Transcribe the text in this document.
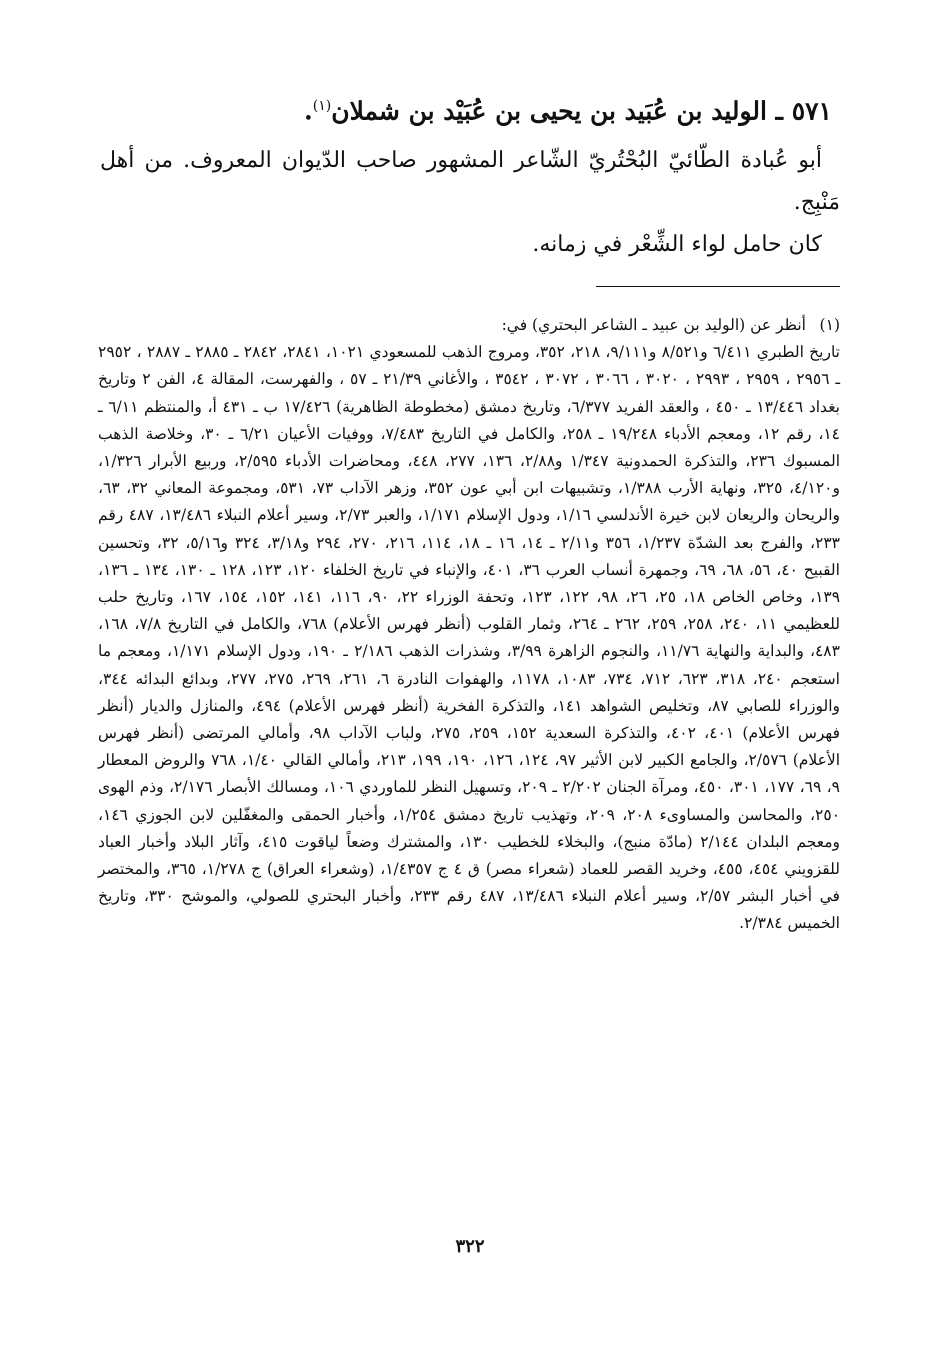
٥٧١ ـ الوليد بن عُبَيد بن يحيى بن عُبَيْد بن شملان$^{(١)}$.

أبو عُبادة الطّائيّ البُحْتُريّ الشّاعر المشهور صاحب الدّيوان المعروف. من أهل مَنْبِج.

كان حامل لواء الشِّعْر في زمانه.

(١)أنظر عن (الوليد بن عبيد ـ الشاعر البحتري) في:

تاريخ الطبري ٦/٤١١ و٨/٥٢١ و٩/١١١، ٢١٨، ٣٥٢، ومروج الذهب للمسعودي ١٠٢١، ٢٨٤١، ٢٨٤٢ ـ ٢٨٨٥ ـ ٢٨٨٧ ، ٢٩٥٢ ـ ٢٩٥٦ ، ٢٩٥٩ ، ٢٩٩٣ ، ٣٠٢٠ ، ٣٠٦٦ ، ٣٠٧٢ ، ٣٥٤٢ ، والأغاني ٢١/٣٩ ـ ٥٧ ، والفهرست، المقالة ٤، الفن ٢ وتاريخ بغداد ١٣/٤٤٦ ـ ٤٥٠ ، والعقد الفريد ٦/٣٧٧، وتاريخ دمشق (مخطوطة الظاهرية) ١٧/٤٢٦ ب ـ ٤٣١ أ، والمنتظم ٦/١١ ـ ١٤، رقم ١٢، ومعجم الأدباء ١٩/٢٤٨ ـ ٢٥٨، والكامل في التاريخ ٧/٤٨٣، ووفيات الأعيان ٦/٢١ ـ ٣٠، وخلاصة الذهب المسبوك ٢٣٦، والتذكرة الحمدونية ١/٣٤٧ و٢/٨٨، ١٣٦، ٢٧٧، ٤٤٨، ومحاضرات الأدباء ٢/٥٩٥، وربيع الأبرار ١/٣٢٦، و٤/١٢٠، ٣٢٥، ونهاية الأرب ١/٣٨٨، وتشبيهات ابن أبي عون ٣٥٢، وزهر الآداب ٧٣، ٥٣١، ومجموعة المعاني ٣٢، ٦٣، والريحان والريعان لابن خيرة الأندلسي ١/١٦، ودول الإسلام ١/١٧١، والعبر ٢/٧٣، وسير أعلام النبلاء ١٣/٤٨٦، ٤٨٧ رقم ٢٣٣، والفرج بعد الشدّة ١/٢٣٧، ٣٥٦ و٢/١١ ـ ١٤، ١٦ ـ ١٨، ١١٤، ٢١٦، ٢٧٠، ٢٩٤ و٣/١٨، ٣٢٤ و٥/١٦، ٣٢، وتحسين القبيح ٤٠، ٥٦، ٦٨، ٦٩، وجمهرة أنساب العرب ٣٦، ٤٠١، والإنباء في تاريخ الخلفاء ١٢٠، ١٢٣، ١٢٨ ـ ١٣٠، ١٣٤ ـ ١٣٦، ١٣٩، وخاص الخاص ١٨، ٢٥، ٢٦، ٩٨، ١٢٢، ١٢٣، وتحفة الوزراء ٢٢، ٩٠، ١١٦، ١٤١، ١٥٢، ١٥٤، ١٦٧، وتاريخ حلب للعظيمي ١١، ٢٤٠، ٢٥٨، ٢٥٩، ٢٦٢ ـ ٢٦٤، وثمار القلوب (أنظر فهرس الأعلام) ٧٦٨، والكامل في التاريخ ٧/٨، ١٦٨، ٤٨٣، والبداية والنهاية ١١/٧٦، والنجوم الزاهرة ٣/٩٩، وشذرات الذهب ٢/١٨٦ ـ ١٩٠، ودول الإسلام ١/١٧١، ومعجم ما استعجم ٢٤٠، ٣١٨، ٦٢٣، ٧١٢، ٧٣٤، ١٠٨٣، ١١٧٨، والهفوات النادرة ٦، ٢٦١، ٢٦٩، ٢٧٥، ٢٧٧، وبدائع البدائه ٣٤٤، والوزراء للصابي ٨٧، وتخليص الشواهد ١٤١، والتذكرة الفخرية (أنظر فهرس الأعلام) ٤٩٤، والمنازل والديار (أنظر فهرس الأعلام) ٤٠١، ٤٠٢، والتذكرة السعدية ١٥٢، ٢٥٩، ٢٧٥، ولباب الآداب ٩٨، وأمالي المرتضى (أنظر فهرس الأعلام) ٢/٥٧٦، والجامع الكبير لابن الأثير ٩٧، ١٢٤، ١٢٦، ١٩٠، ١٩٩، ٢١٣، وأمالي القالي ١/٤٠، ٧٦٨ والروض المعطار ٩، ٦٩، ١٧٧، ٣٠١، ٤٥٠، ومرآة الجنان ٢/٢٠٢ ـ ٢٠٩، وتسهيل النظر للماوردي ١٠٦، ومسالك الأبصار ٢/١٧٦، وذم الهوى ٢٥٠، والمحاسن والمساوىء ٢٠٨، ٢٠٩، وتهذيب تاريخ دمشق ١/٢٥٤، وأخبار الحمقى والمغفّلين لابن الجوزي ١٤٦، ومعجم البلدان ٢/١٤٤ (مادّة منبج)، والبخلاء للخطيب ١٣٠، والمشترك وضعاً لياقوت ٤١٥، وآثار البلاد وأخبار العباد للقزويني ٤٥٤، ٤٥٥، وخريد القصر للعماد (شعراء مصر) ق ٤ ج ١/٤٣٥٧، (وشعراء العراق) ج ١/٢٧٨، ٣٦٥، والمختصر في أخبار البشر ٢/٥٧، وسير أعلام النبلاء ١٣/٤٨٦، ٤٨٧ رقم ٢٣٣، وأخبار البحتري للصولي، والموشح ٣٣٠، وتاريخ الخميس ٢/٣٨٤.

٣٢٢
